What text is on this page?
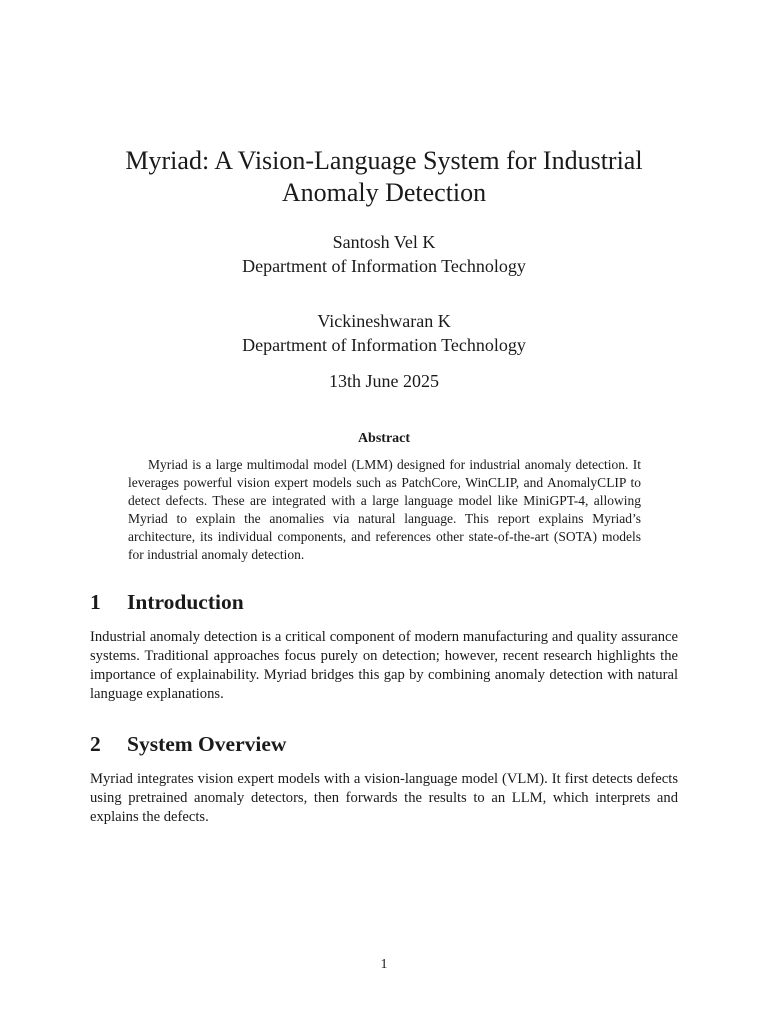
Myriad: A Vision-Language System for Industrial
Anomaly Detection
Santosh Vel K
Department of Information Technology
Vickineshwaran K
Department of Information Technology
13th June 2025
Abstract
Myriad is a large multimodal model (LMM) designed for industrial anomaly detection. It leverages powerful vision expert models such as PatchCore, WinCLIP, and AnomalyCLIP to detect defects. These are integrated with a large language model like MiniGPT-4, allowing Myriad to explain the anomalies via natural language. This report explains Myriad’s architecture, its individual components, and references other state-of-the-art (SOTA) models for industrial anomaly detection.
1 Introduction
Industrial anomaly detection is a critical component of modern manufacturing and quality assurance systems. Traditional approaches focus purely on detection; however, recent research highlights the importance of explainability. Myriad bridges this gap by combining anomaly detection with natural language explanations.
2 System Overview
Myriad integrates vision expert models with a vision-language model (VLM). It first detects defects using pretrained anomaly detectors, then forwards the results to an LLM, which interprets and explains the defects.
1
